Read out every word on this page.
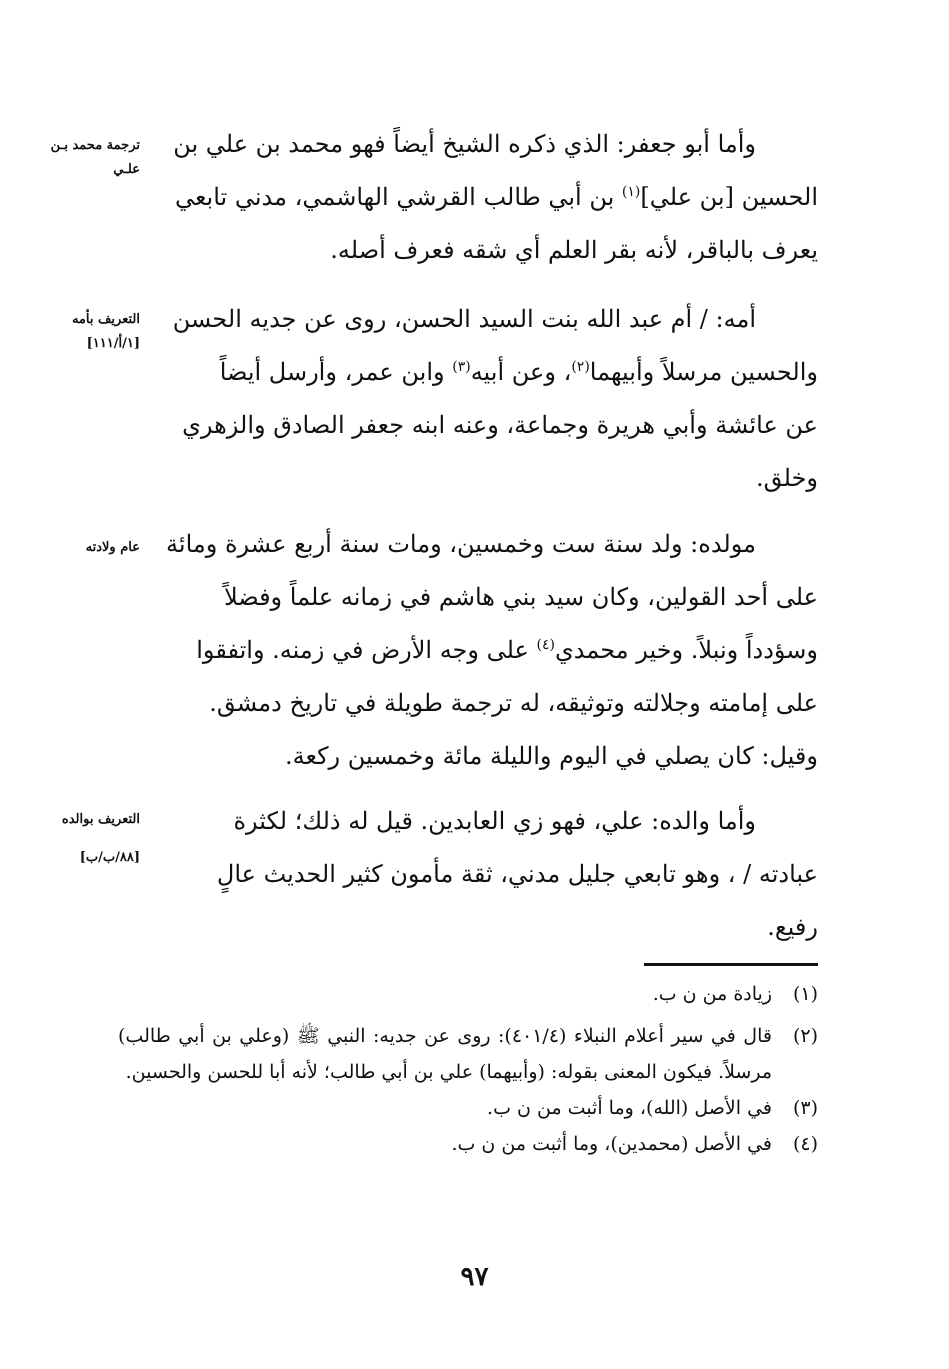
وأما أبو جعفر: الذي ذكره الشيخ أيضاً فهو محمد بن علي بن
الحسين [بن علي]$^{(١)}$ بن أبي طالب القرشي الهاشمي، مدني تابعي
يعرف بالباقر، لأنه بقر العلم أي شقه فعرف أصله.

ترجمة محمد بـن علـي

أمه: / أم عبد الله بنت السيد الحسن، روى عن جديه الحسن
والحسين مرسلاً وأبيهما$^{(٢)}$، وعن أبيه$^{(٣)}$ وابن عمر، وأرسل أيضاً
عن عائشة وأبي هريرة وجماعة، وعنه ابنه جعفر الصادق والزهري
وخلق.

التعريف بأمه
[١/أ/١١١]

مولده: ولد سنة ست وخمسين، ومات سنة أربع عشرة ومائة
على أحد القولين، وكان سيد بني هاشم في زمانه علماً وفضلاً
وسؤدداً ونبلاً. وخير محمدي$^{(٤)}$ على وجه الأرض في زمنه. واتفقوا
على إمامته وجلالته وتوثيقه، له ترجمة طويلة في تاريخ دمشق.
وقيل: كان يصلي في اليوم والليلة مائة وخمسين ركعة.

عام ولادته

وأما والده: علي، فهو زي العابدين. قيل له ذلك؛ لكثرة
عبادته / ، وهو تابعي جليل مدني، ثقة مأمون كثير الحديث عالٍ
رفيع.

التعريف بوالده
[٨٨/ب/ب]

(١)
زيادة من ن ب.

(٢)
قال في سير أعلام النبلاء (٤٠١/٤): روى عن جديه: النبي ﷺ (وعلي بن أبي طالب) مرسلاً. فيكون المعنى بقوله: (وأبيهما) علي بن أبي طالب؛ لأنه أبا للحسن والحسين.

(٣)
في الأصل (الله)، وما أثبت من ن ب.

(٤)
في الأصل (محمدين)، وما أثبت من ن ب.

٩٧
